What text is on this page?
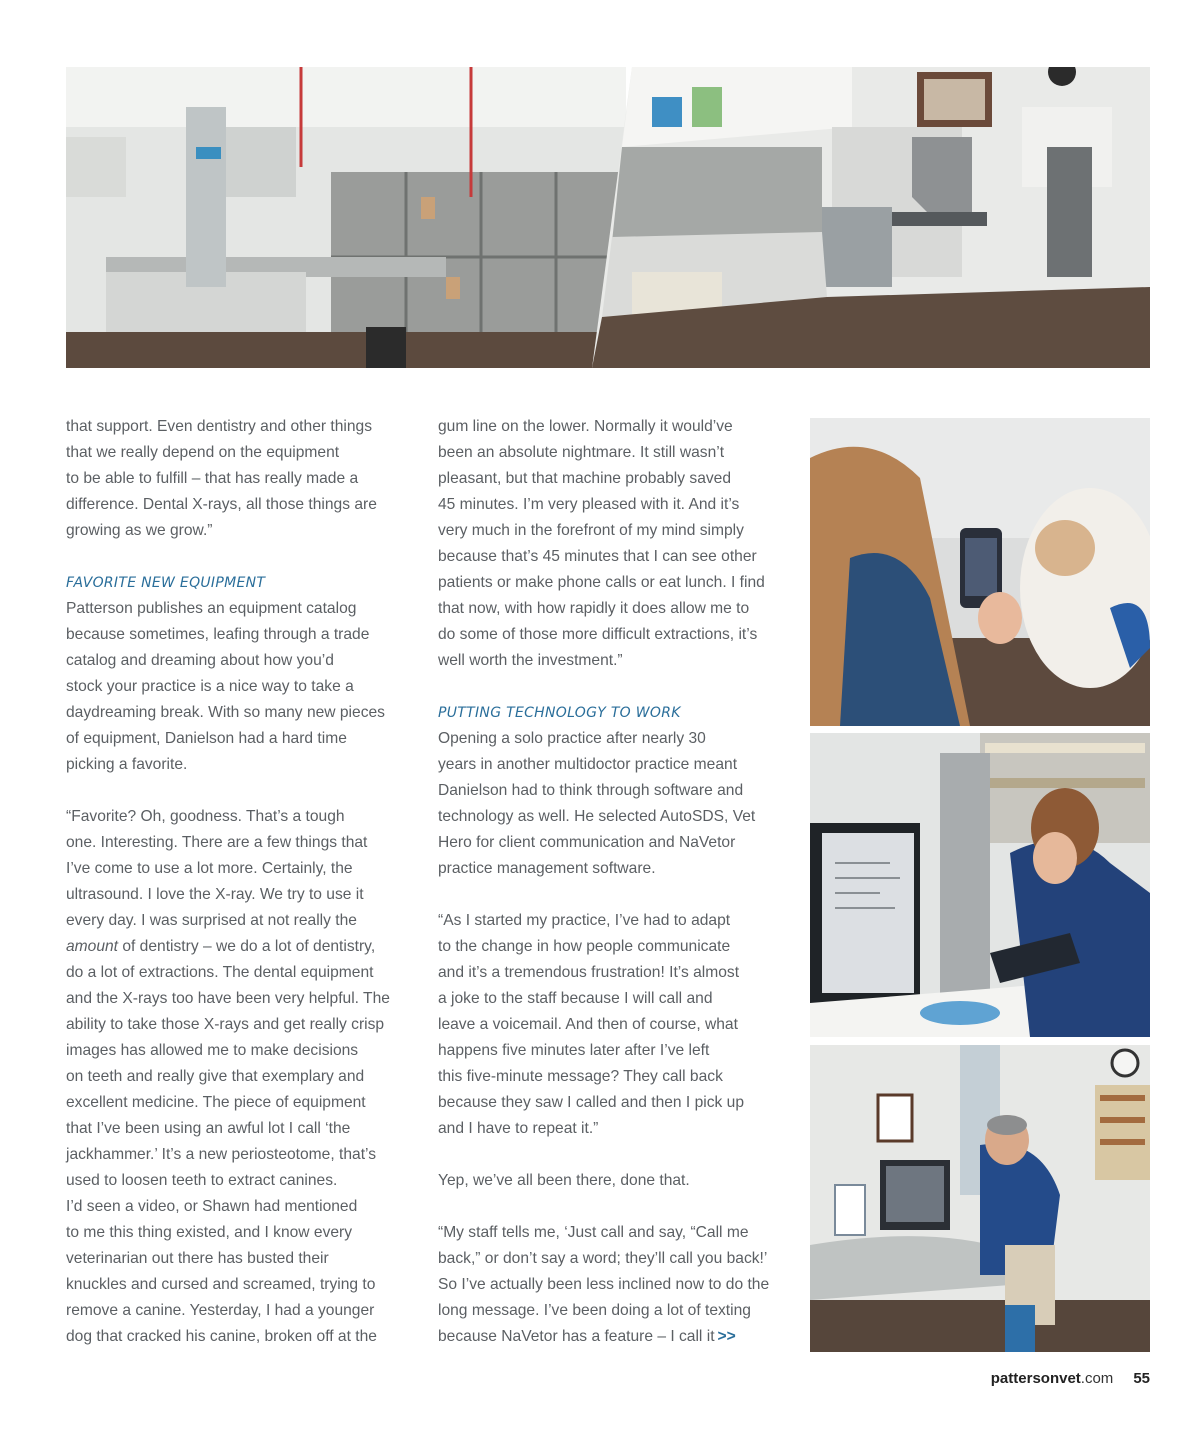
that support. Even dentistry and other things
that we really depend on the equipment
to be able to fulfill – that has really made a
difference. Dental X-rays, all those things are
growing as we grow.”
FAVORITE NEW EQUIPMENT
Patterson publishes an equipment catalog
because sometimes, leafing through a trade
catalog and dreaming about how you’d
stock your practice is a nice way to take a
daydreaming break. With so many new pieces
of equipment, Danielson had a hard time
picking a favorite.
“Favorite? Oh, goodness. That’s a tough
one. Interesting. There are a few things that
I’ve come to use a lot more. Certainly, the
ultrasound. I love the X-ray. We try to use it
every day. I was surprised at not really the
amount of dentistry – we do a lot of dentistry,
do a lot of extractions. The dental equipment
and the X-rays too have been very helpful. The
ability to take those X-rays and get really crisp
images has allowed me to make decisions
on teeth and really give that exemplary and
excellent medicine. The piece of equipment
that I’ve been using an awful lot I call ‘the
jackhammer.’ It’s a new periosteotome, that’s
used to loosen teeth to extract canines.
I’d seen a video, or Shawn had mentioned
to me this thing existed, and I know every
veterinarian out there has busted their
knuckles and cursed and screamed, trying to
remove a canine. Yesterday, I had a younger
dog that cracked his canine, broken off at the
gum line on the lower. Normally it would’ve
been an absolute nightmare. It still wasn’t
pleasant, but that machine probably saved
45 minutes. I’m very pleased with it. And it’s
very much in the forefront of my mind simply
because that’s 45 minutes that I can see other
patients or make phone calls or eat lunch. I find
that now, with how rapidly it does allow me to
do some of those more difficult extractions, it’s
well worth the investment.”
PUTTING TECHNOLOGY TO WORK
Opening a solo practice after nearly 30
years in another multidoctor practice meant
Danielson had to think through software and
technology as well. He selected AutoSDS, Vet
Hero for client communication and NaVetor
practice management software.
“As I started my practice, I’ve had to adapt
to the change in how people communicate
and it’s a tremendous frustration! It’s almost
a joke to the staff because I will call and
leave a voicemail. And then of course, what
happens five minutes later after I’ve left
this five-minute message? They call back
because they saw I called and then I pick up
and I have to repeat it.”
Yep, we’ve all been there, done that.
“My staff tells me, ‘Just call and say, “Call me
back,” or don’t say a word; they’ll call you back!’
So I’ve actually been less inclined now to do the
long message. I’ve been doing a lot of texting
because NaVetor has a feature – I call it >>
pattersonvet.com 55
